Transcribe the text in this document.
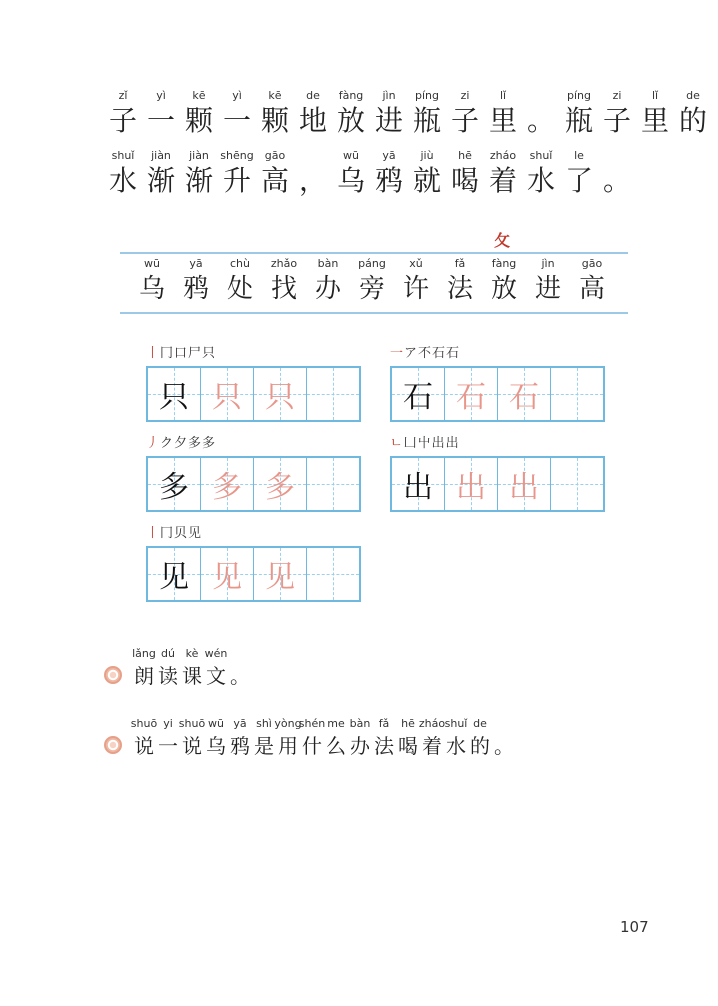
zǐ
子
yì
一
kē
颗
yì
一
kē
颗
de
地
fàng
放
jìn
进
píng
瓶
zi
子
lǐ
里 。
píng
瓶
zi
子
lǐ
里
de
的
shuǐ
水
jiàn
渐
jiàn
渐
shēng
升
gāo
高 ，
wū
乌
yā
鸦
jiù
就
hē
喝
zháo
着
shuǐ
水
le
了 。
攵
wū
乌
yā
鸦
chù
处
zhǎo
找
bàn
办
páng
旁
xǔ
许
fǎ
法
fàng
放
jìn
进
gāo
高
丨冂口尸只
只 只 只
一ア不石石
石 石 石
丿ク夕多多
多 多 多
ㄴ凵屮出出
出 出 出
丨冂贝见
见 见 见
lǎng
朗
dú
读
kè
课
wén
文 。
shuō
说
yi
一
shuō
说
wū
乌
yā
鸦
shì
是
yòng
用
shén
什
me
么
bàn
办
fǎ
法
hē
喝
zháo
着
shuǐ
水
de
的 。
107
